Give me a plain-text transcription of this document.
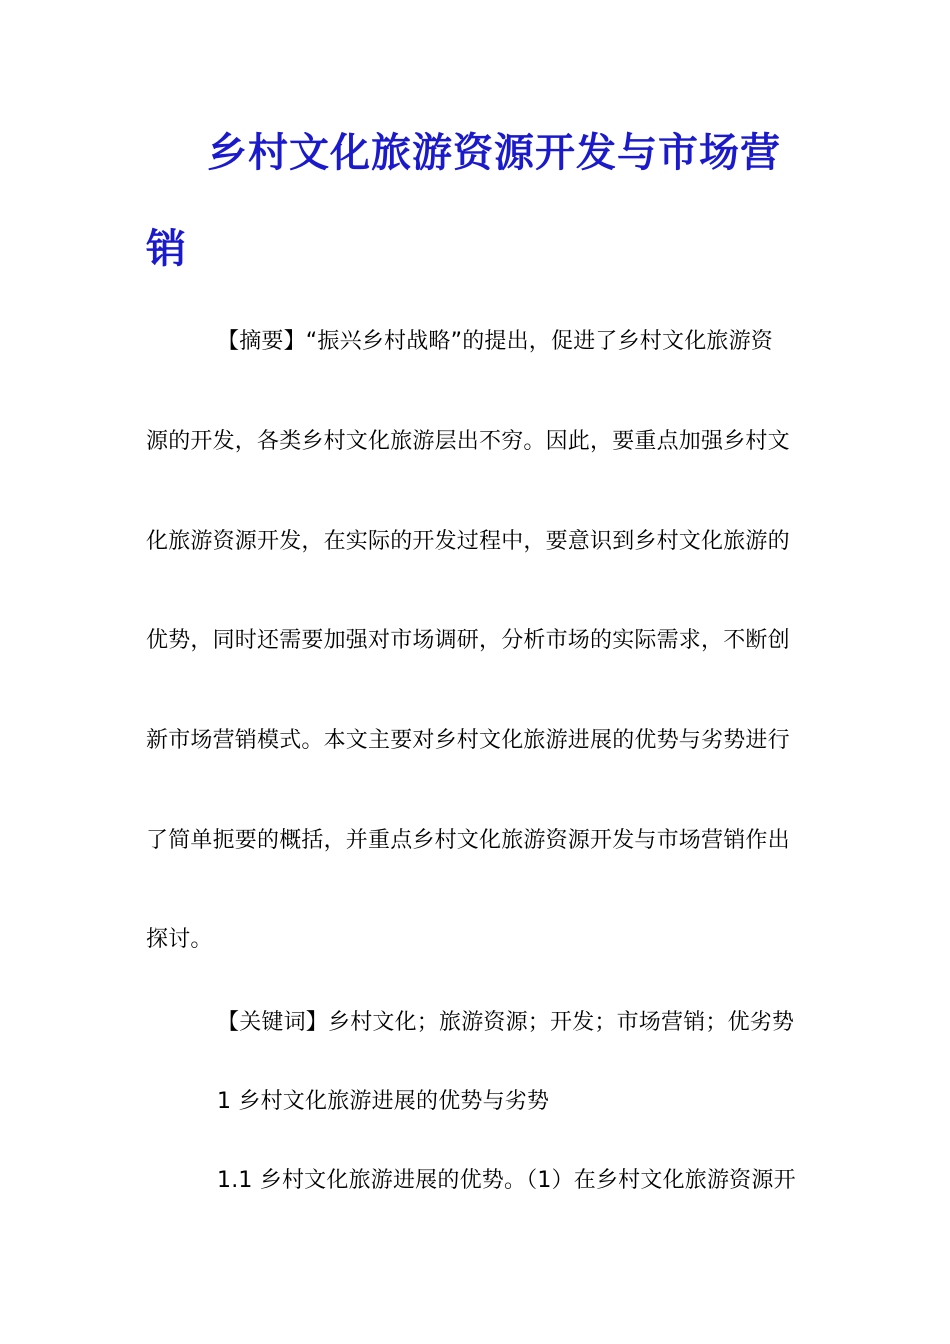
乡村文化旅游资源开发与市场营
销
【摘要】“振兴乡村战略”的提出，促进了乡村文化旅游资
源的开发，各类乡村文化旅游层出不穷。因此，要重点加强乡村文
化旅游资源开发，在实际的开发过程中，要意识到乡村文化旅游的
优势，同时还需要加强对市场调研，分析市场的实际需求，不断创
新市场营销模式。本文主要对乡村文化旅游进展的优势与劣势进行
了简单扼要的概括，并重点乡村文化旅游资源开发与市场营销作出
探讨。
【关键词】乡村文化；旅游资源；开发；市场营销；优劣势
1 乡村文化旅游进展的优势与劣势
1.1 乡村文化旅游进展的优势。（1）在乡村文化旅游资源开
